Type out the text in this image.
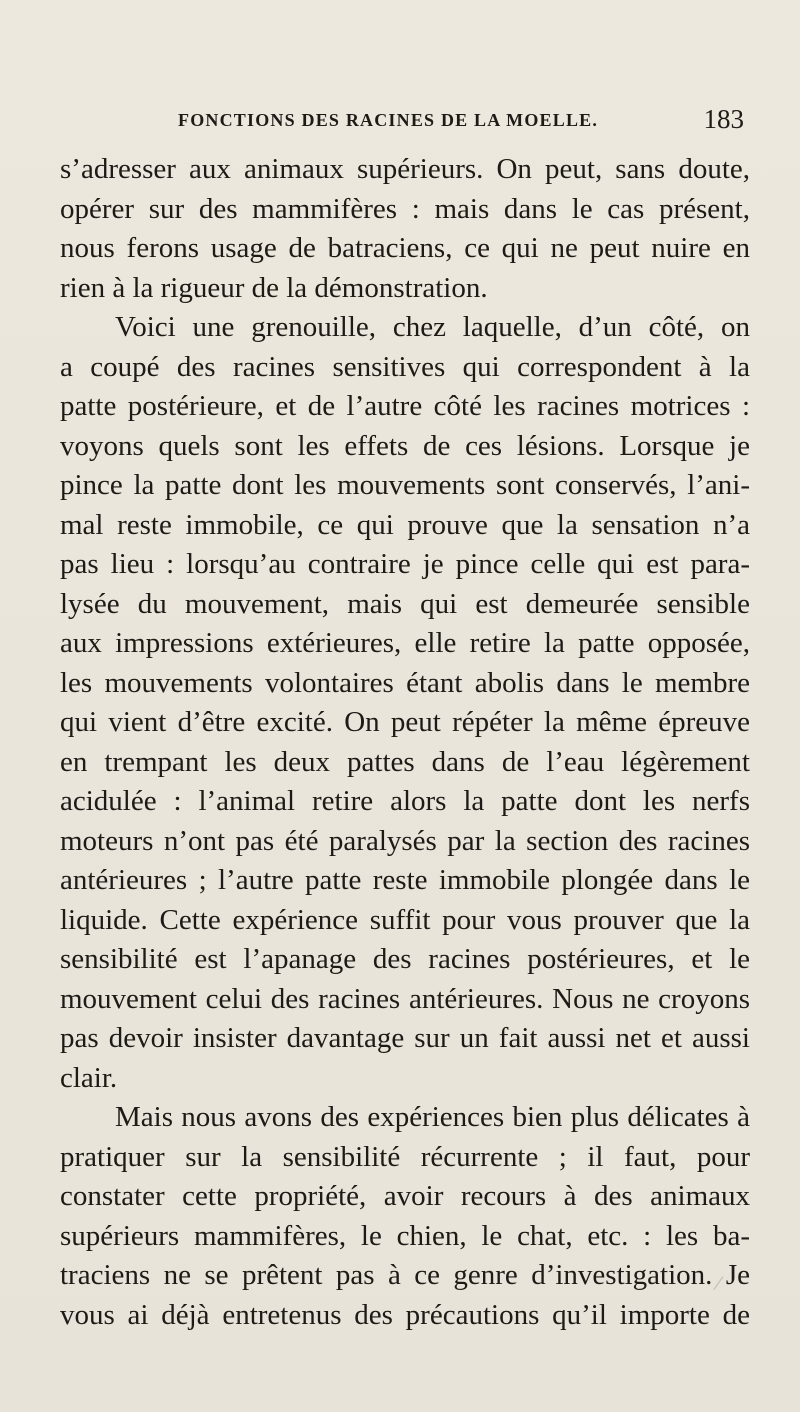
FONCTIONS DES RACINES DE LA MOELLE.	183
s’adresser aux animaux supérieurs. On peut, sans doute,
opérer sur des mammifères : mais dans le cas présent,
nous ferons usage de batraciens, ce qui ne peut nuire en
rien à la rigueur de la démonstration.
Voici une grenouille, chez laquelle, d’un côté, on
a coupé des racines sensitives qui correspondent à la
patte postérieure, et de l’autre côté les racines motrices :
voyons quels sont les effets de ces lésions. Lorsque je
pince la patte dont les mouvements sont conservés, l’ani-
mal reste immobile, ce qui prouve que la sensation n’a
pas lieu : lorsqu’au contraire je pince celle qui est para-
lysée du mouvement, mais qui est demeurée sensible
aux impressions extérieures, elle retire la patte opposée,
les mouvements volontaires étant abolis dans le membre
qui vient d’être excité. On peut répéter la même épreuve
en trempant les deux pattes dans de l’eau légèrement
acidulée : l’animal retire alors la patte dont les nerfs
moteurs n’ont pas été paralysés par la section des racines
antérieures ; l’autre patte reste immobile plongée dans le
liquide. Cette expérience suffit pour vous prouver que la
sensibilité est l’apanage des racines postérieures, et le
mouvement celui des racines antérieures. Nous ne croyons
pas devoir insister davantage sur un fait aussi net et aussi
clair.
Mais nous avons des expériences bien plus délicates à
pratiquer sur la sensibilité récurrente ; il faut, pour
constater cette propriété, avoir recours à des animaux
supérieurs mammifères, le chien, le chat, etc. : les ba-
traciens ne se prêtent pas à ce genre d’investigation. Je
vous ai déjà entretenus des précautions qu’il importe de
